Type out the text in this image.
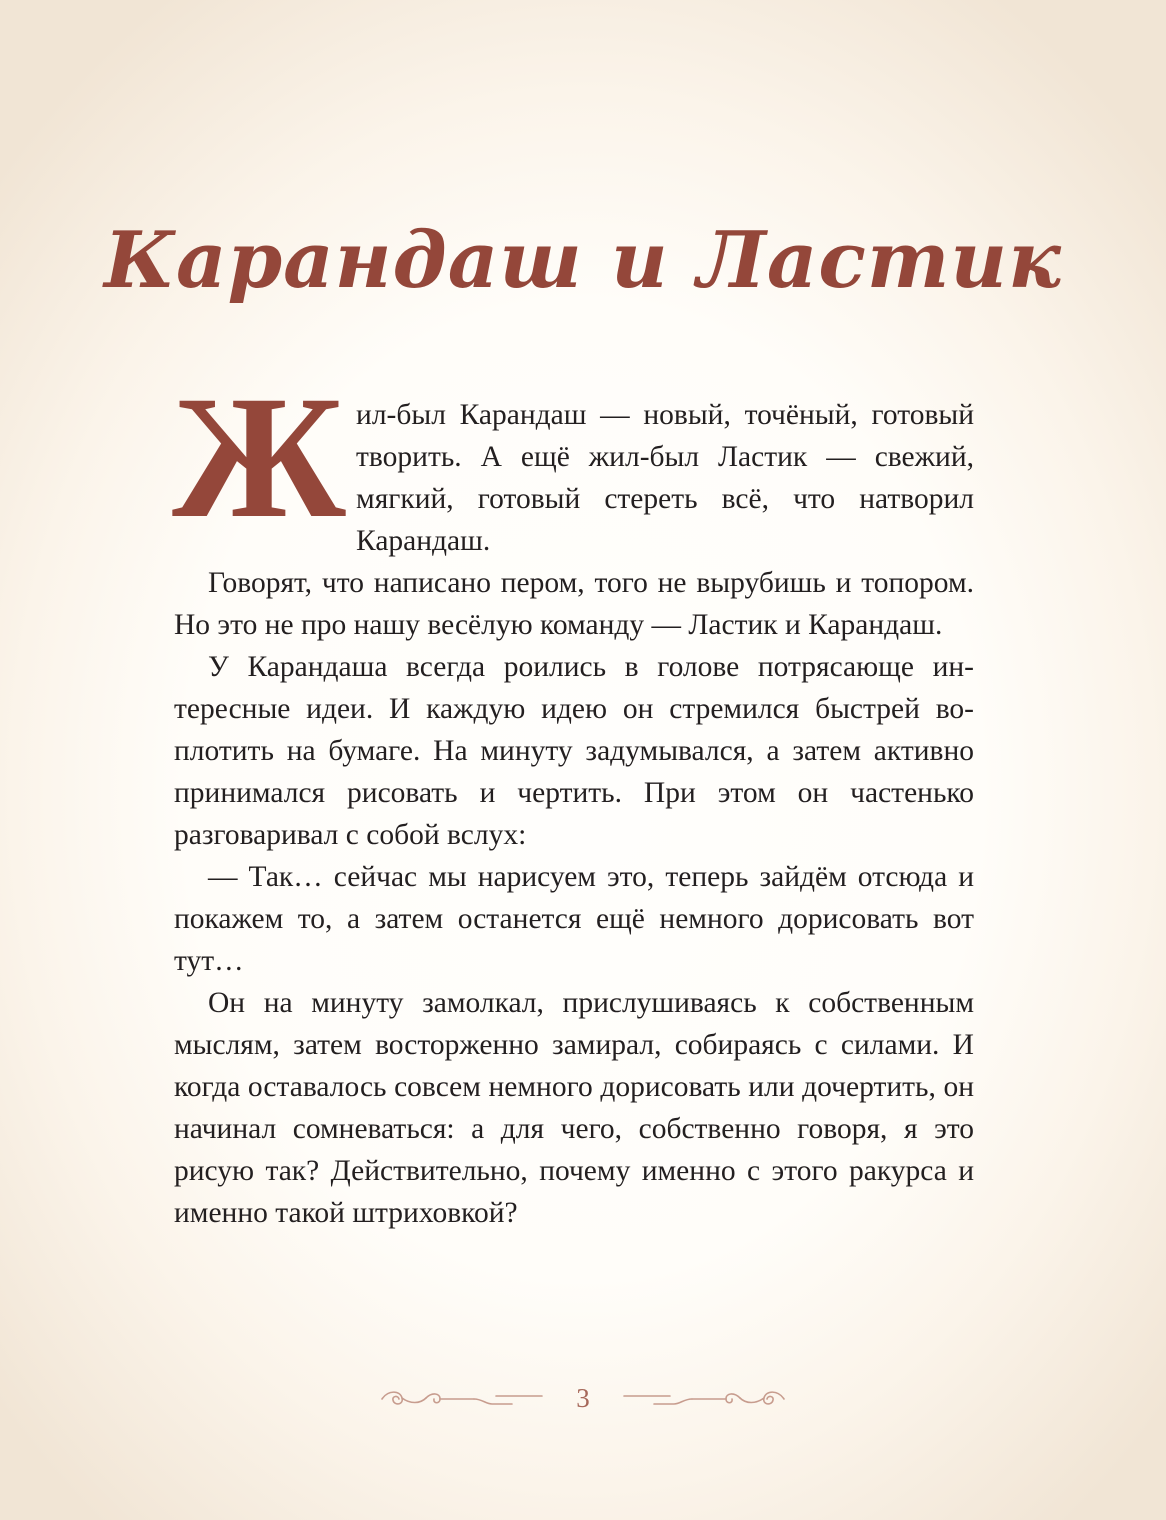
Карандаш и Ластик

Жил-был Карандаш — новый, точёный, готовый творить. А ещё жил-был Ластик — свежий, мягкий, готовый стереть всё, что натворил Карандаш.

Говорят, что написано пером, того не вырубишь и топором. Но это не про нашу весёлую команду — Ластик и Карандаш.

У Карандаша всегда роились в голове потрясающе интересные идеи. И каждую идею он стремился быстрей воплотить на бумаге. На минуту задумывался, а затем активно принимался рисовать и чертить. При этом он частенько разговаривал с собой вслух:

— Так… сейчас мы нарисуем это, теперь зайдём отсюда и покажем то, а затем останется ещё немного дорисовать вот тут…

Он на минуту замолкал, прислушиваясь к собственным мыслям, затем восторженно замирал, собираясь с силами. И когда оставалось совсем немного дорисовать или дочертить, он начинал сомневаться: а для чего, собственно говоря, я это рисую так? Действительно, почему именно с этого ракурса и именно такой штриховкой?

3
